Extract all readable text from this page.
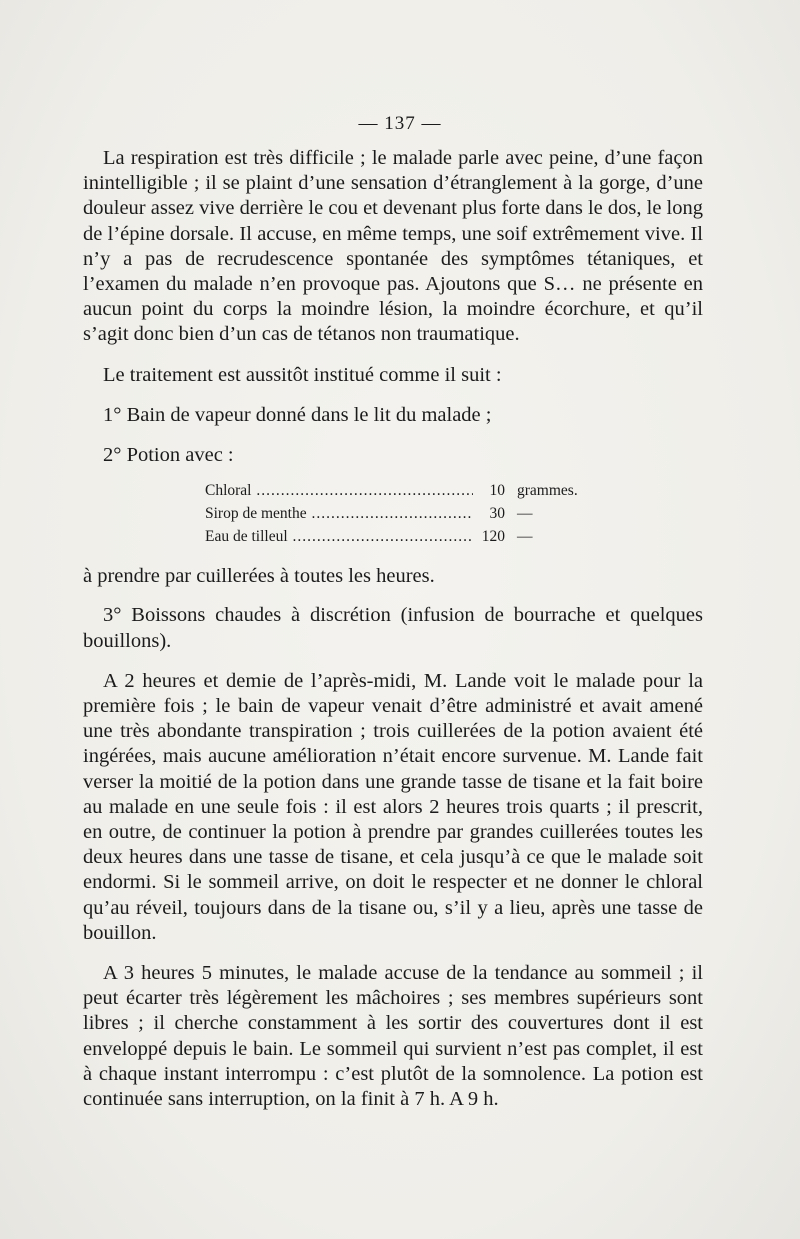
— 137 —

La respiration est très difficile ; le malade parle avec peine, d’une façon inintelligible ; il se plaint d’une sensation d’étranglement à la gorge, d’une douleur assez vive derrière le cou et devenant plus forte dans le dos, le long de l’épine dorsale. Il accuse, en même temps, une soif extrêmement vive. Il n’y a pas de recrudescence spontanée des symptômes tétaniques, et l’examen du malade n’en provoque pas. Ajoutons que S… ne présente en aucun point du corps la moindre lésion, la moindre écorchure, et qu’il s’agit donc bien d’un cas de tétanos non traumatique.

Le traitement est aussitôt institué comme il suit :

1° Bain de vapeur donné dans le lit du malade ;

2° Potion avec :

Chloral .....	10 grammes.
Sirop de menthe .....	30 —
Eau de tilleul .....	120 —

à prendre par cuillerées à toutes les heures.

3° Boissons chaudes à discrétion (infusion de bourrache et quelques bouillons).

A 2 heures et demie de l’après-midi, M. Lande voit le malade pour la première fois ; le bain de vapeur venait d’être administré et avait amené une très abondante transpiration ; trois cuillerées de la potion avaient été ingérées, mais aucune amélioration n’était encore survenue. M. Lande fait verser la moitié de la potion dans une grande tasse de tisane et la fait boire au malade en une seule fois : il est alors 2 heures trois quarts ; il prescrit, en outre, de continuer la potion à prendre par grandes cuillerées toutes les deux heures dans une tasse de tisane, et cela jusqu’à ce que le malade soit endormi. Si le sommeil arrive, on doit le respecter et ne donner le chloral qu’au réveil, toujours dans de la tisane ou, s’il y a lieu, après une tasse de bouillon.

A 3 heures 5 minutes, le malade accuse de la tendance au sommeil ; il peut écarter très légèrement les mâchoires ; ses membres supérieurs sont libres ; il cherche constamment à les sortir des couvertures dont il est enveloppé depuis le bain. Le sommeil qui survient n’est pas complet, il est à chaque instant interrompu : c’est plutôt de la somnolence. La potion est continuée sans interruption, on la finit à 7 h. A 9 h.
